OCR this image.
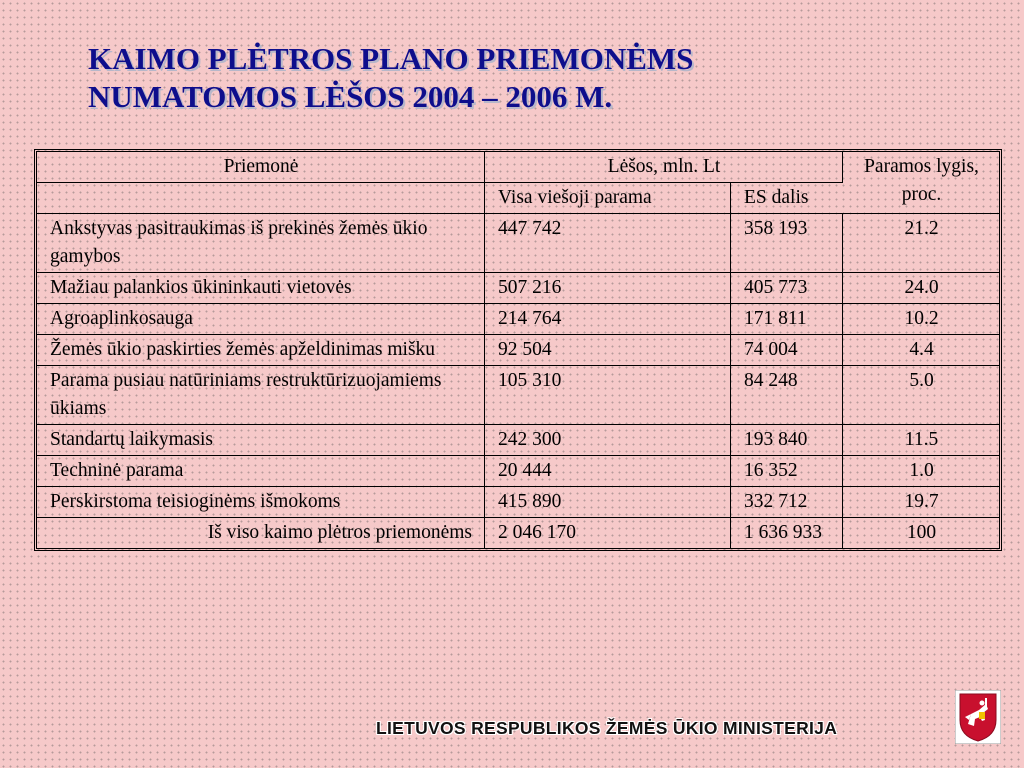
KAIMO PLĖTROS PLANO PRIEMONĖMS
NUMATOMOS LĖŠOS 2004 – 2006 M.
Priemonė	Lėšos, mln. Lt		Paramos lygis, proc.
	Visa viešoji parama	ES dalis	
Ankstyvas pasitraukimas iš prekinės žemės ūkio gamybos	447 742	358 193	21.2
Mažiau palankios ūkininkauti vietovės	507 216	405 773	24.0
Agroaplinkosauga	214 764	171 811	10.2
Žemės ūkio paskirties žemės apželdinimas mišku	92 504	74 004	4.4
Parama pusiau natūriniams restruktūrizuojamiems ūkiams	105 310	84 248	5.0
Standartų laikymasis	242 300	193 840	11.5
Techninė parama	20 444	16 352	1.0
Perskirstoma teisioginėms išmokoms	415 890	332 712	19.7
Iš viso kaimo plėtros priemonėms	2 046 170	1 636 933	100
LIETUVOS RESPUBLIKOS ŽEMĖS ŪKIO MINISTERIJA
